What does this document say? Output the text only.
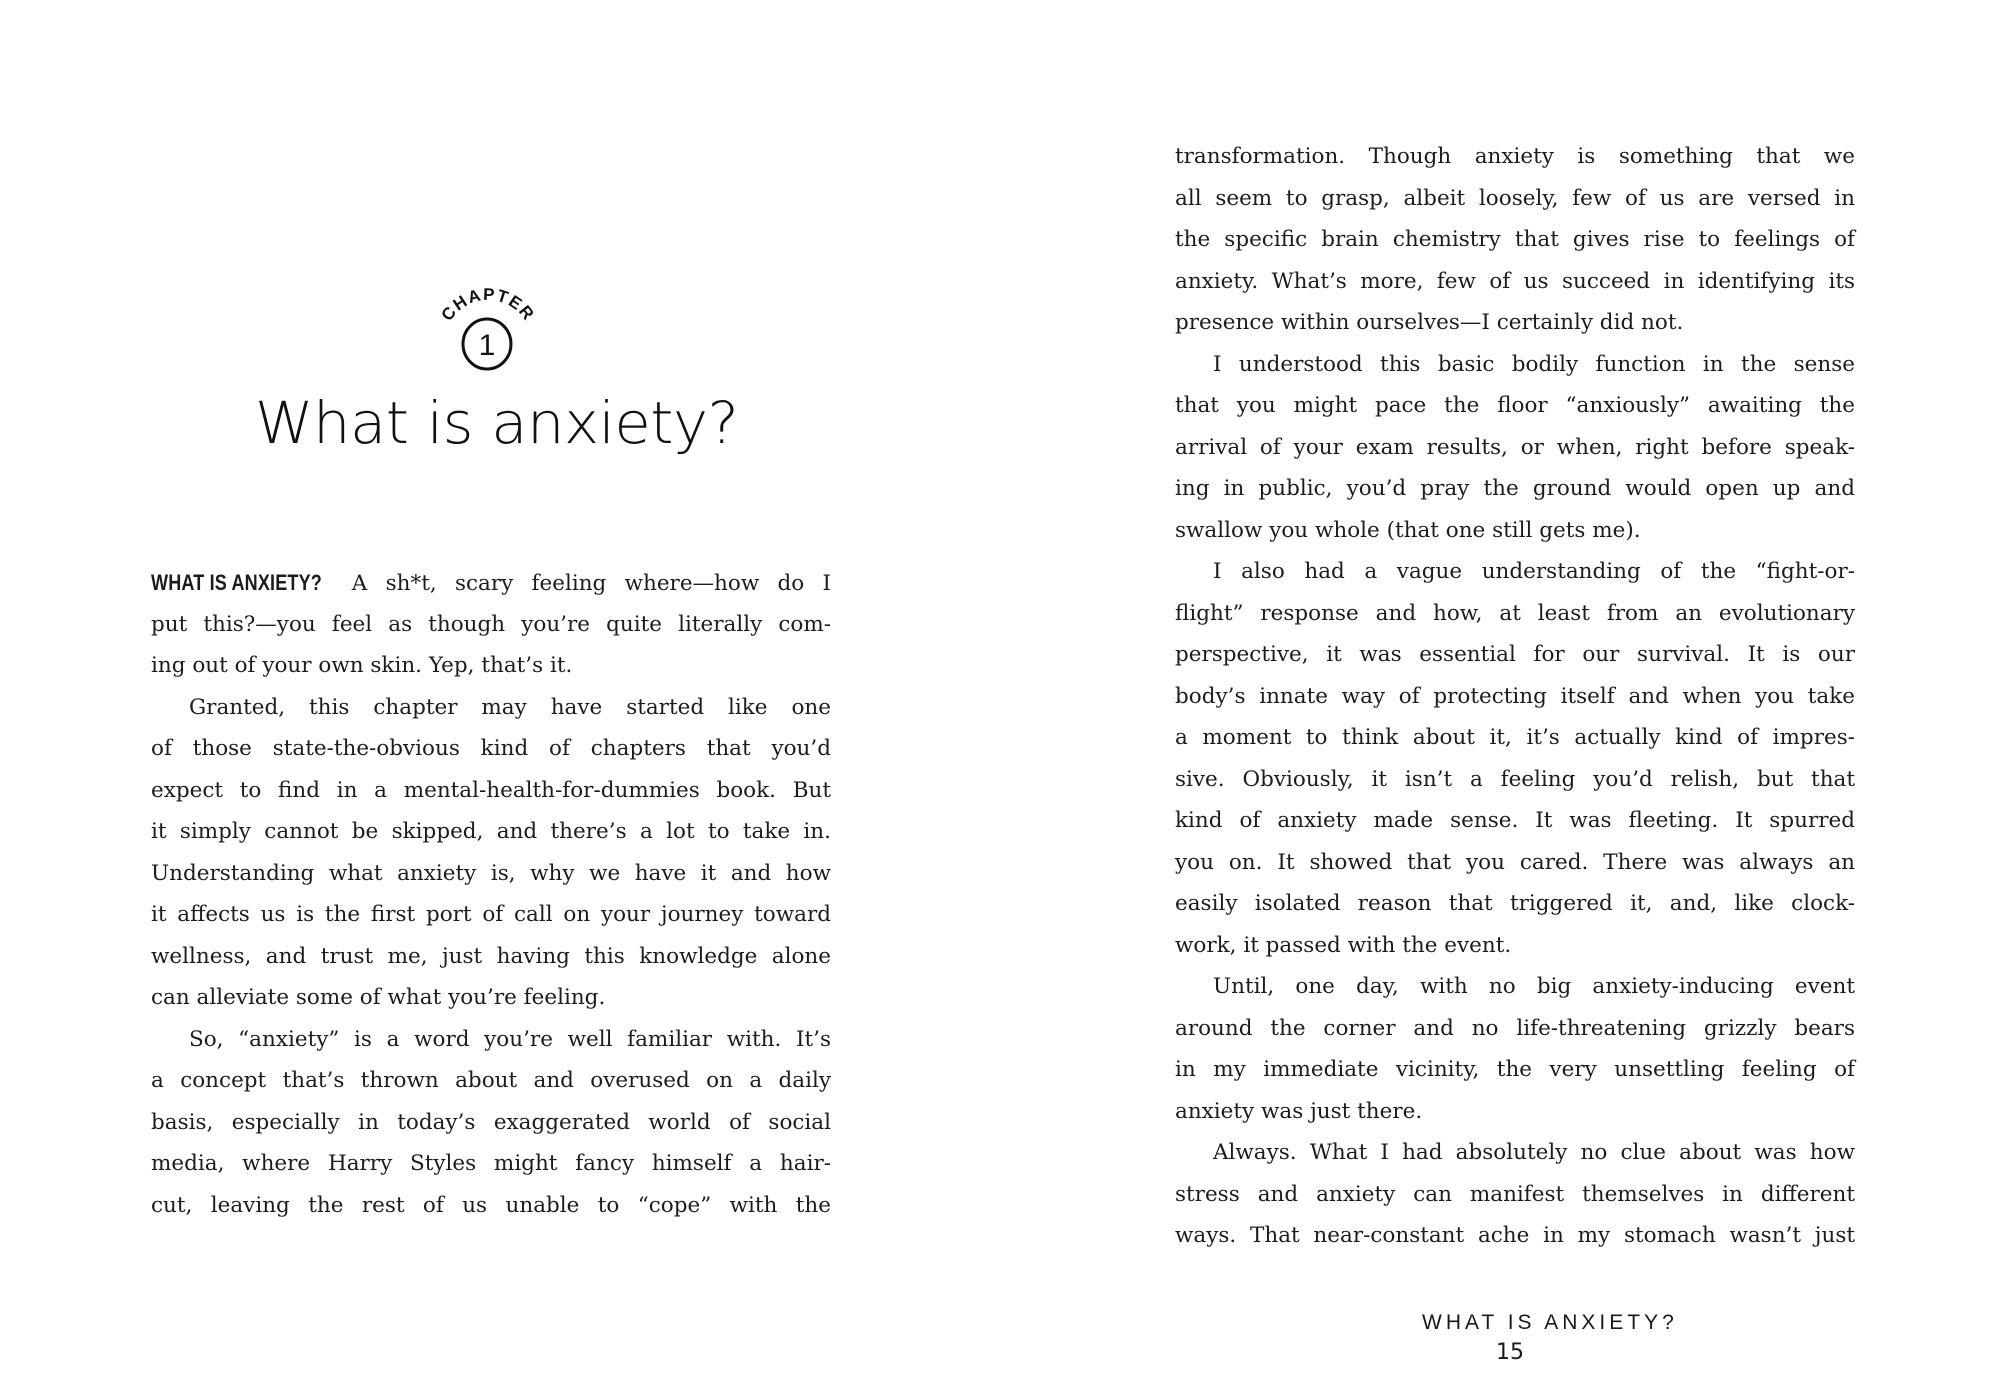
CHAPTER
1
What is anxiety?
WHAT IS ANXIETY? A sh*t, scary feeling where—how do I
put this?—you feel as though you’re quite literally com-
ing out of your own skin. Yep, that’s it.
Granted, this chapter may have started like one
of those state-the-obvious kind of chapters that you’d
expect to find in a mental-health-for-dummies book. But
it simply cannot be skipped, and there’s a lot to take in.
Understanding what anxiety is, why we have it and how
it affects us is the first port of call on your journey toward
wellness, and trust me, just having this knowledge alone
can alleviate some of what you’re feeling.
So, “anxiety” is a word you’re well familiar with. It’s
a concept that’s thrown about and overused on a daily
basis, especially in today’s exaggerated world of social
media, where Harry Styles might fancy himself a hair-
cut, leaving the rest of us unable to “cope” with the
transformation. Though anxiety is something that we
all seem to grasp, albeit loosely, few of us are versed in
the specific brain chemistry that gives rise to feelings of
anxiety. What’s more, few of us succeed in identifying its
presence within ourselves—I certainly did not.
I understood this basic bodily function in the sense
that you might pace the floor “anxiously” awaiting the
arrival of your exam results, or when, right before speak-
ing in public, you’d pray the ground would open up and
swallow you whole (that one still gets me).
I also had a vague understanding of the “fight-or-
flight” response and how, at least from an evolutionary
perspective, it was essential for our survival. It is our
body’s innate way of protecting itself and when you take
a moment to think about it, it’s actually kind of impres-
sive. Obviously, it isn’t a feeling you’d relish, but that
kind of anxiety made sense. It was fleeting. It spurred
you on. It showed that you cared. There was always an
easily isolated reason that triggered it, and, like clock-
work, it passed with the event.
Until, one day, with no big anxiety-inducing event
around the corner and no life-threatening grizzly bears
in my immediate vicinity, the very unsettling feeling of
anxiety was just there.
Always. What I had absolutely no clue about was how
stress and anxiety can manifest themselves in different
ways. That near-constant ache in my stomach wasn’t just
WHAT IS ANXIETY?
15
